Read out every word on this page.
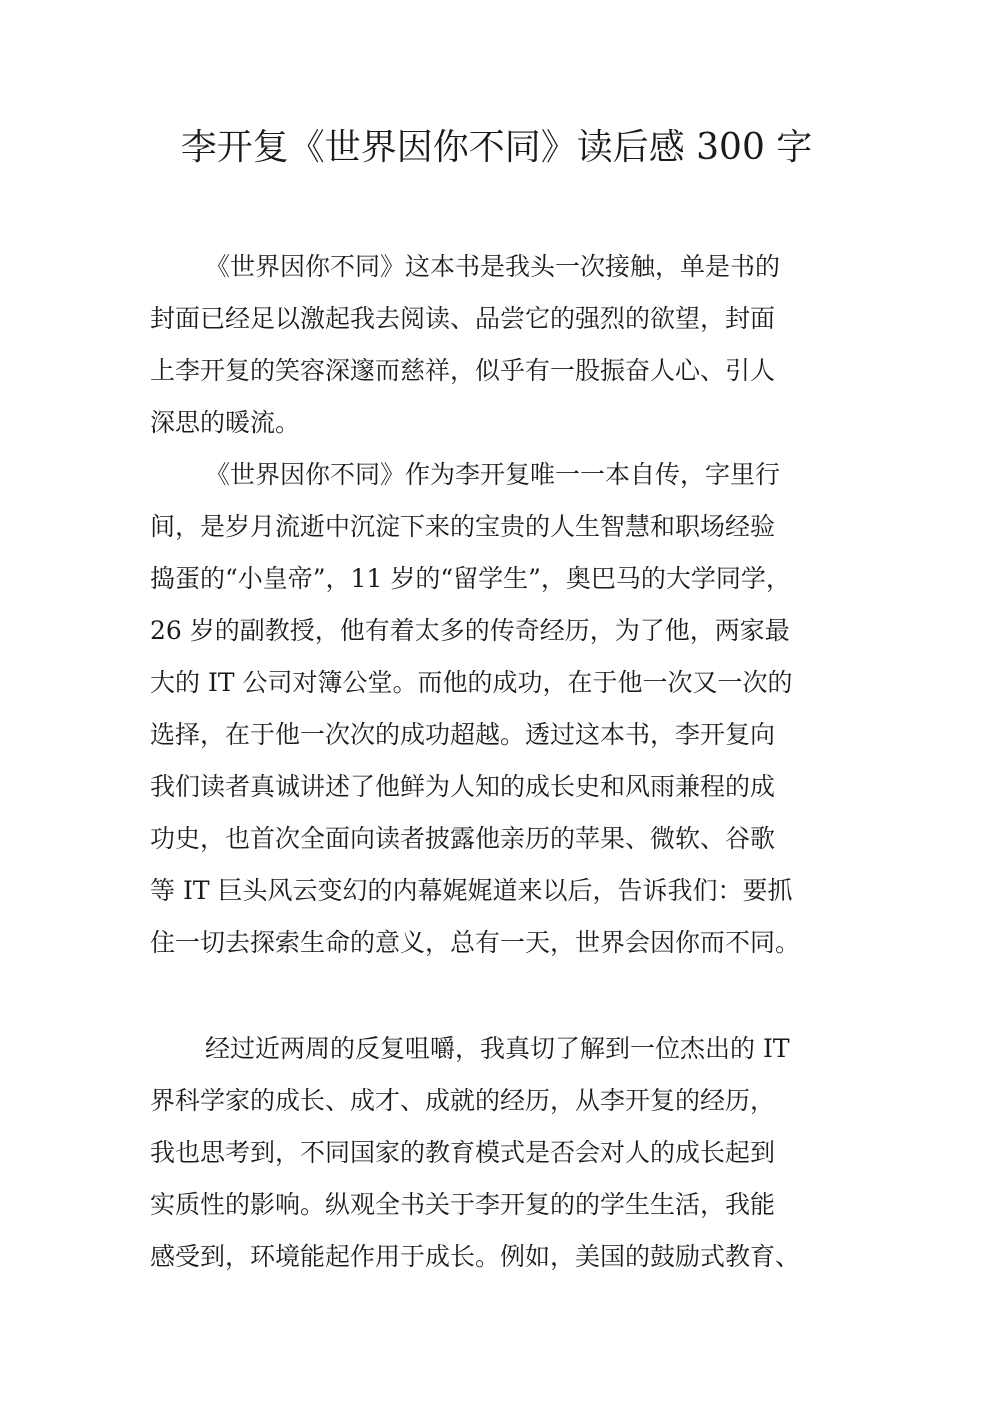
李开复《世界因你不同》读后感 300 字

《世界因你不同》这本书是我头一次接触，单是书的

封面已经足以激起我去阅读、品尝它的强烈的欲望，封面

上李开复的笑容深邃而慈祥，似乎有一股振奋人心、引人

深思的暖流。

《世界因你不同》作为李开复唯一一本自传，字里行

间，是岁月流逝中沉淀下来的宝贵的人生智慧和职场经验

捣蛋的“小皇帝”，11 岁的“留学生”，奥巴马的大学同学，

26 岁的副教授，他有着太多的传奇经历，为了他，两家最

大的 IT 公司对簿公堂。而他的成功，在于他一次又一次的

选择，在于他一次次的成功超越。透过这本书，李开复向

我们读者真诚讲述了他鲜为人知的成长史和风雨兼程的成

功史，也首次全面向读者披露他亲历的苹果、微软、谷歌

等 IT 巨头风云变幻的内幕娓娓道来以后，告诉我们：要抓

住一切去探索生命的意义，总有一天，世界会因你而不同。

经过近两周的反复咀嚼，我真切了解到一位杰出的 IT

界科学家的成长、成才、成就的经历，从李开复的经历，

我也思考到，不同国家的教育模式是否会对人的成长起到

实质性的影响。纵观全书关于李开复的的学生生活，我能

感受到，环境能起作用于成长。例如，美国的鼓励式教育、
